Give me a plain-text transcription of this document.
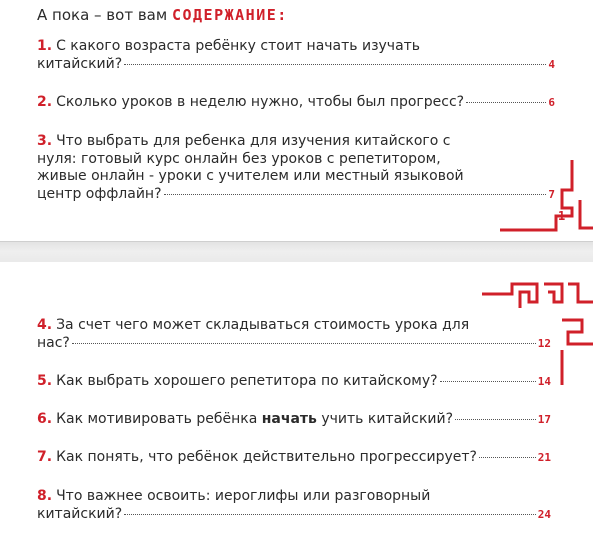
А пока – вот вам СОДЕРЖАНИЕ:
1. С какого возраста ребёнку стоит начать изучать
китайский?	4
2. Сколько уроков в неделю нужно, чтобы был прогресс?	6
3. Что выбрать для ребенка для изучения китайского с
нуля: готовый курс онлайн без уроков с репетитором,
живые онлайн - уроки с учителем или местный языковой
центр оффлайн?	7
1
4. За счет чего может складываться стоимость урока для
нас?	12
5. Как выбрать хорошего репетитора по китайскому?	14
6. Как мотивировать ребёнка
начать
учить китайский?	17
7. Как понять, что ребёнок действительно прогрессирует?	21
8. Что важнее освоить: иероглифы или разговорный
китайский?	24
